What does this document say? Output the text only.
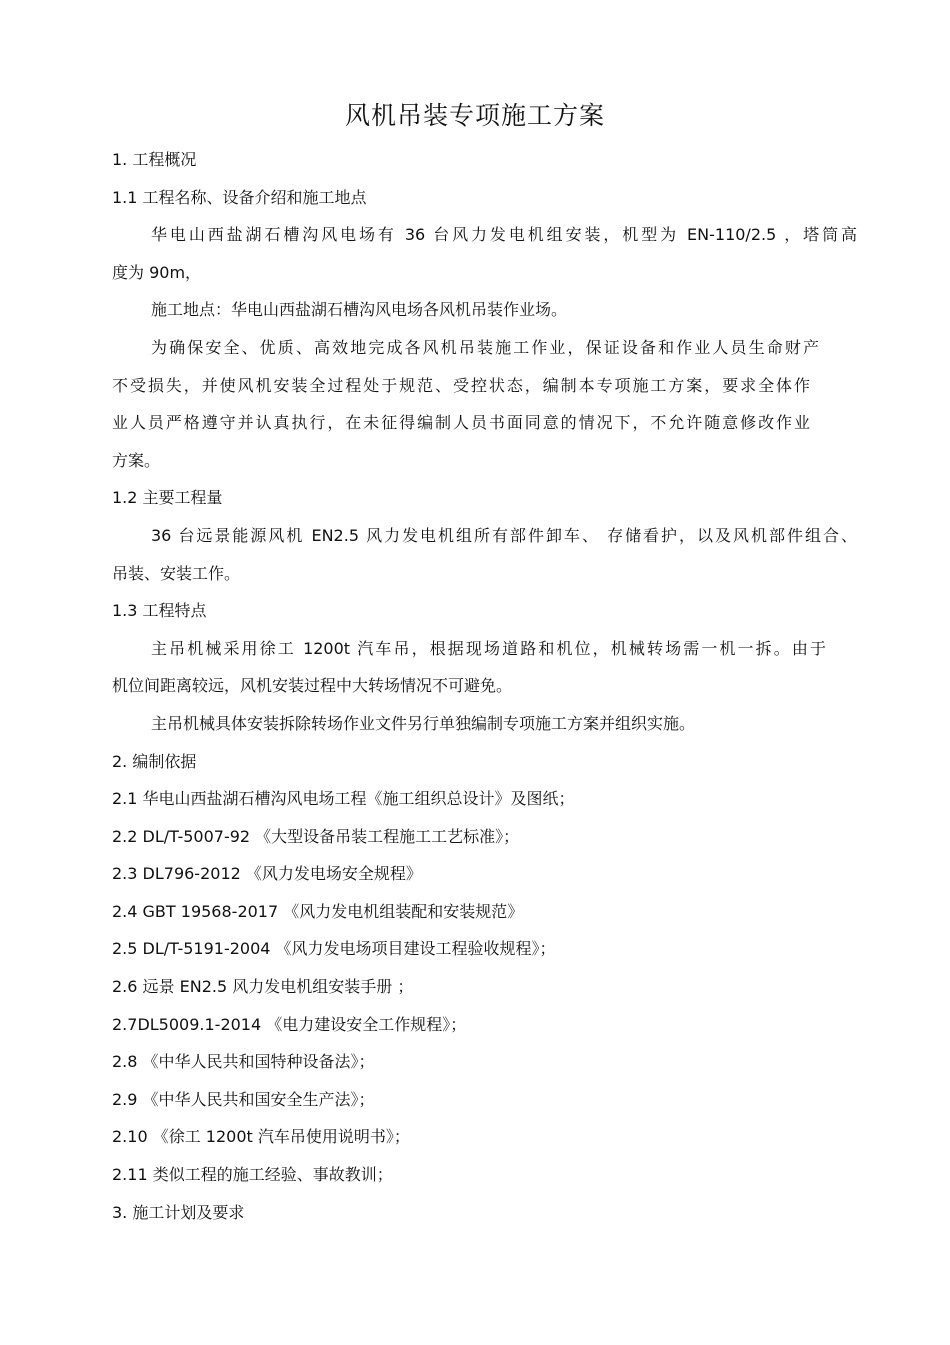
风机吊装专项施工方案
1. 工程概况
1.1 工程名称、设备介绍和施工地点
华电山西盐湖石槽沟风电场有 36 台风力发电机组安装，机型为 EN-110/2.5 ，塔筒高
度为 90m，
施工地点：华电山西盐湖石槽沟风电场各风机吊装作业场。
为确保安全、优质、高效地完成各风机吊装施工作业，保证设备和作业人员生命财产
不受损失，并使风机安装全过程处于规范、受控状态，编制本专项施工方案，要求全体作
业人员严格遵守并认真执行，在未征得编制人员书面同意的情况下，不允许随意修改作业
方案。
1.2 主要工程量
36 台远景能源风机 EN2.5 风力发电机组所有部件卸车、 存储看护，以及风机部件组合、
吊装、安装工作。
1.3 工程特点
主吊机械采用徐工 1200t 汽车吊，根据现场道路和机位，机械转场需一机一拆。由于
机位间距离较远，风机安装过程中大转场情况不可避免。
主吊机械具体安装拆除转场作业文件另行单独编制专项施工方案并组织实施。
2. 编制依据
2.1 华电山西盐湖石槽沟风电场工程《施工组织总设计》及图纸；
2.2 DL/T-5007-92 《大型设备吊装工程施工工艺标准》；
2.3 DL796-2012 《风力发电场安全规程》
2.4 GBT 19568-2017 《风力发电机组装配和安装规范》
2.5 DL/T-5191-2004 《风力发电场项目建设工程验收规程》；
2.6 远景 EN2.5 风力发电机组安装手册 ；
2.7DL5009.1-2014 《电力建设安全工作规程》；
2.8 《中华人民共和国特种设备法》；
2.9 《中华人民共和国安全生产法》；
2.10 《徐工 1200t 汽车吊使用说明书》；
2.11 类似工程的施工经验、事故教训；
3. 施工计划及要求
